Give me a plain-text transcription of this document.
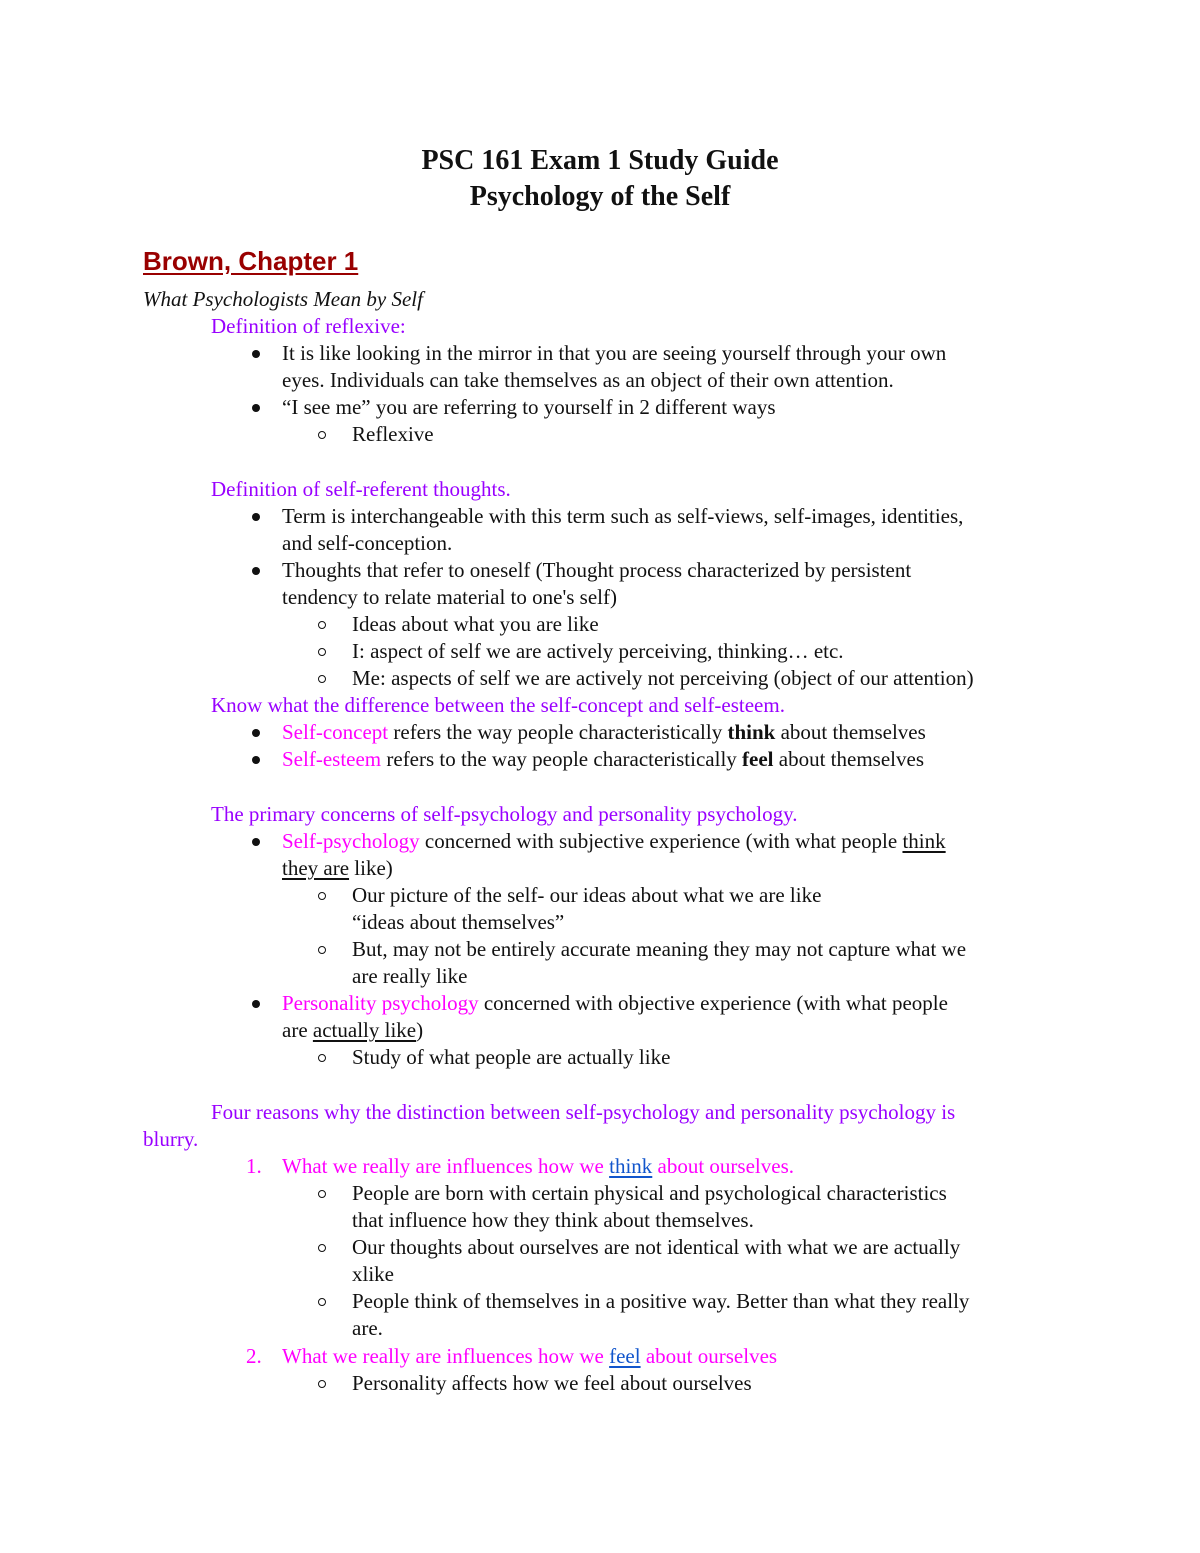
PSC 161 Exam 1 Study Guide
Psychology of the Self
Brown, Chapter 1
What Psychologists Mean by Self
Definition of reflexive:
It is like looking in the mirror in that you are seeing yourself through your own
eyes. Individuals can take themselves as an object of their own attention.
“I see me” you are referring to yourself in 2 different ways
Reflexive
Definition of self-referent thoughts.
Term is interchangeable with this term such as self-views, self-images, identities,
and self-conception.
Thoughts that refer to oneself (Thought process characterized by persistent
tendency to relate material to one's self)
Ideas about what you are like
I: aspect of self we are actively perceiving, thinking… etc.
Me: aspects of self we are actively not perceiving (object of our attention)
Know what the difference between the self-concept and self-esteem.
Self-concept refers the way people characteristically think about themselves
Self-esteem refers to the way people characteristically feel about themselves
The primary concerns of self-psychology and personality psychology.
Self-psychology concerned with subjective experience (with what people think
they are like)
Our picture of the self- our ideas about what we are like
“ideas about themselves”
But, may not be entirely accurate meaning they may not capture what we
are really like
Personality psychology concerned with objective experience (with what people
are actually like)
Study of what people are actually like
Four reasons why the distinction between self-psychology and personality psychology is
blurry.
1. What we really are influences how we think about ourselves.
People are born with certain physical and psychological characteristics
that influence how they think about themselves.
Our thoughts about ourselves are not identical with what we are actually
xlike
People think of themselves in a positive way. Better than what they really
are.
2. What we really are influences how we feel about ourselves
Personality affects how we feel about ourselves
